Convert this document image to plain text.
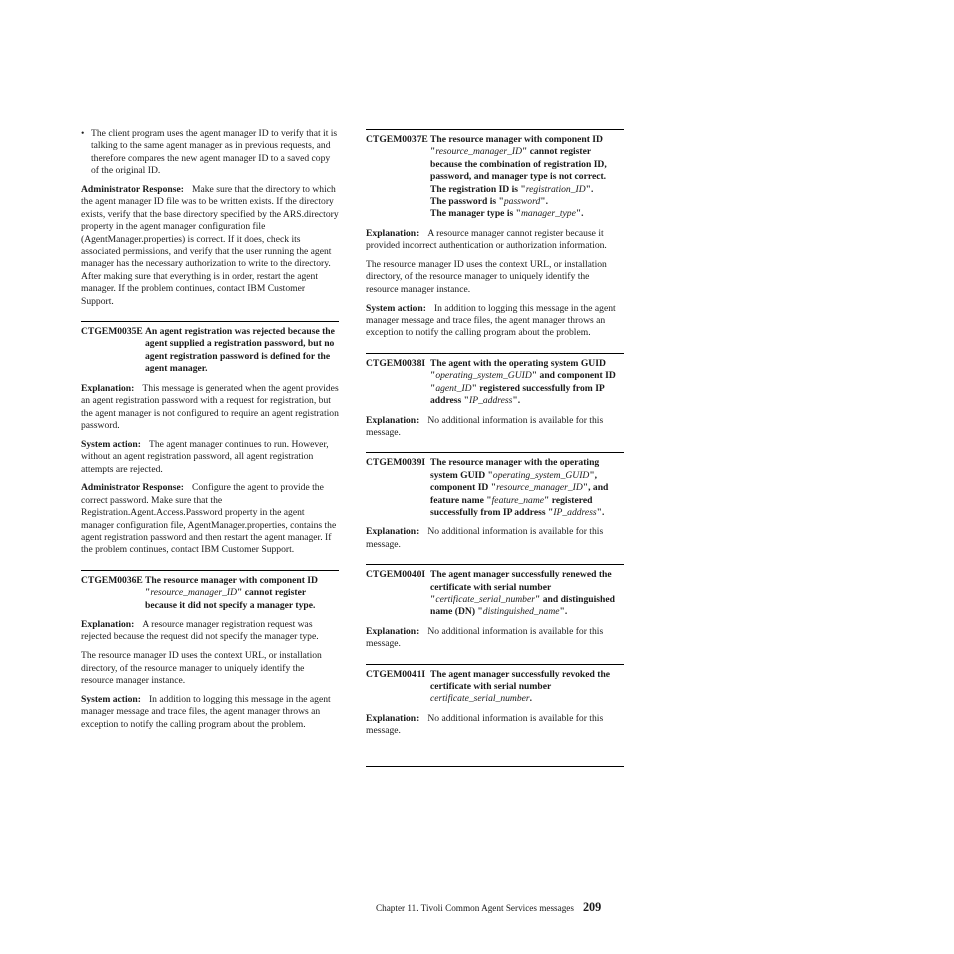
• The client program uses the agent manager ID to verify that it is talking to the same agent manager as in previous requests, and therefore compares the new agent manager ID to a saved copy of the original ID.

Administrator Response: Make sure that the directory to which the agent manager ID file was to be written exists. If the directory exists, verify that the base directory specified by the ARS.directory property in the agent manager configuration file (AgentManager.properties) is correct. If it does, check its associated permissions, and verify that the user running the agent manager has the necessary authorization to write to the directory. After making sure that everything is in order, restart the agent manager. If the problem continues, contact IBM Customer Support.

CTGEM0035E An agent registration was rejected because the agent supplied a registration password, but no agent registration password is defined for the agent manager.

Explanation: This message is generated when the agent provides an agent registration password with a request for registration, but the agent manager is not configured to require an agent registration password.

System action: The agent manager continues to run. However, without an agent registration password, all agent registration attempts are rejected.

Administrator Response: Configure the agent to provide the correct password. Make sure that the Registration.Agent.Access.Password property in the agent manager configuration file, AgentManager.properties, contains the agent registration password and then restart the agent manager. If the problem continues, contact IBM Customer Support.

CTGEM0036E The resource manager with component ID "resource_manager_ID" cannot register because it did not specify a manager type.

Explanation: A resource manager registration request was rejected because the request did not specify the manager type.

The resource manager ID uses the context URL, or installation directory, of the resource manager to uniquely identify the resource manager instance.

System action: In addition to logging this message in the agent manager message and trace files, the agent manager throws an exception to notify the calling program about the problem.

CTGEM0037E The resource manager with component ID "resource_manager_ID" cannot register because the combination of registration ID, password, and manager type is not correct.
The registration ID is "registration_ID".
The password is "password".
The manager type is "manager_type".

Explanation: A resource manager cannot register because it provided incorrect authentication or authorization information.

The resource manager ID uses the context URL, or installation directory, of the resource manager to uniquely identify the resource manager instance.

System action: In addition to logging this message in the agent manager message and trace files, the agent manager throws an exception to notify the calling program about the problem.

CTGEM0038I The agent with the operating system GUID "operating_system_GUID" and component ID "agent_ID" registered successfully from IP address "IP_address".

Explanation: No additional information is available for this message.

CTGEM0039I The resource manager with the operating system GUID "operating_system_GUID", component ID "resource_manager_ID", and feature name "feature_name" registered successfully from IP address "IP_address".

Explanation: No additional information is available for this message.

CTGEM0040I The agent manager successfully renewed the certificate with serial number "certificate_serial_number" and distinguished name (DN) "distinguished_name".

Explanation: No additional information is available for this message.

CTGEM0041I The agent manager successfully revoked the certificate with serial number certificate_serial_number.

Explanation: No additional information is available for this message.

Chapter 11. Tivoli Common Agent Services messages 209
